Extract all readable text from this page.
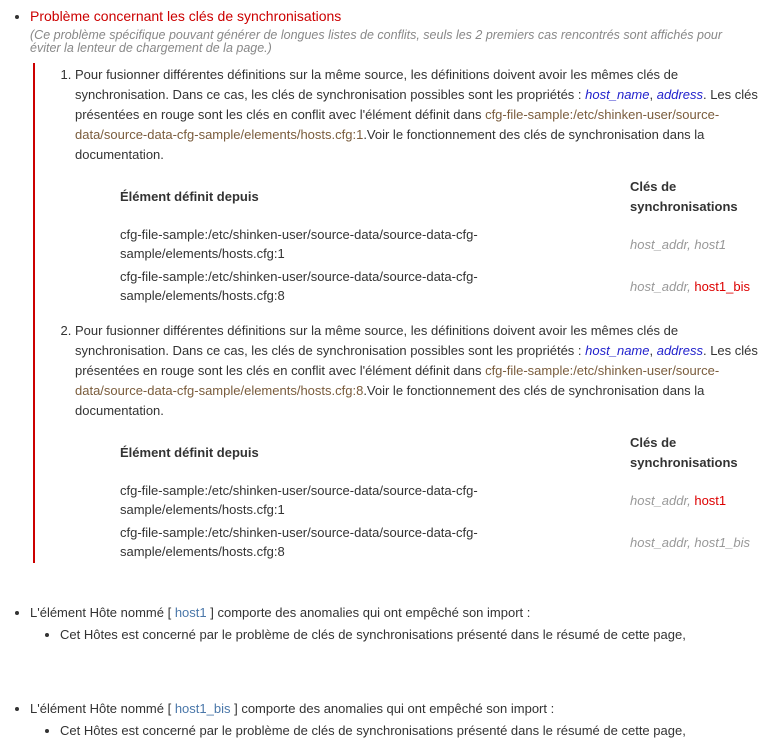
• Problème concernant les clés de synchronisations
(Ce problème spécifique pouvant générer de longues listes de conflits, seuls les 2 premiers cas rencontrés sont affichés pour éviter la lenteur de chargement de la page.)

1. Pour fusionner différentes définitions sur la même source, les définitions doivent avoir les mêmes clés de synchronisation. Dans ce cas, les clés de synchronisation possibles sont les propriétés : host_name, address. Les clés présentées en rouge sont les clés en conflit avec l'élément définit dans cfg-file-sample:/etc/shinken-user/source-data/source-data-cfg-sample/elements/hosts.cfg:1.Voir le fonctionnement des clés de synchronisation dans la documentation.

Élément définit depuis	Clés de synchronisations
cfg-file-sample:/etc/shinken-user/source-data/source-data-cfg-sample/elements/hosts.cfg:1	host_addr, host1
cfg-file-sample:/etc/shinken-user/source-data/source-data-cfg-sample/elements/hosts.cfg:8	host_addr, host1_bis

2. Pour fusionner différentes définitions sur la même source, les définitions doivent avoir les mêmes clés de synchronisation. Dans ce cas, les clés de synchronisation possibles sont les propriétés : host_name, address. Les clés présentées en rouge sont les clés en conflit avec l'élément définit dans cfg-file-sample:/etc/shinken-user/source-data/source-data-cfg-sample/elements/hosts.cfg:8.Voir le fonctionnement des clés de synchronisation dans la documentation.

Élément définit depuis	Clés de synchronisations
cfg-file-sample:/etc/shinken-user/source-data/source-data-cfg-sample/elements/hosts.cfg:1	host_addr, host1
cfg-file-sample:/etc/shinken-user/source-data/source-data-cfg-sample/elements/hosts.cfg:8	host_addr, host1_bis
• L'élément Hôte nommé [ host1 ] comporte des anomalies qui ont empêché son import :
• Cet Hôtes est concerné par le problème de clés de synchronisations présenté dans le résumé de cette page,
• L'élément Hôte nommé [ host1_bis ] comporte des anomalies qui ont empêché son import :
• Cet Hôtes est concerné par le problème de clés de synchronisations présenté dans le résumé de cette page,
